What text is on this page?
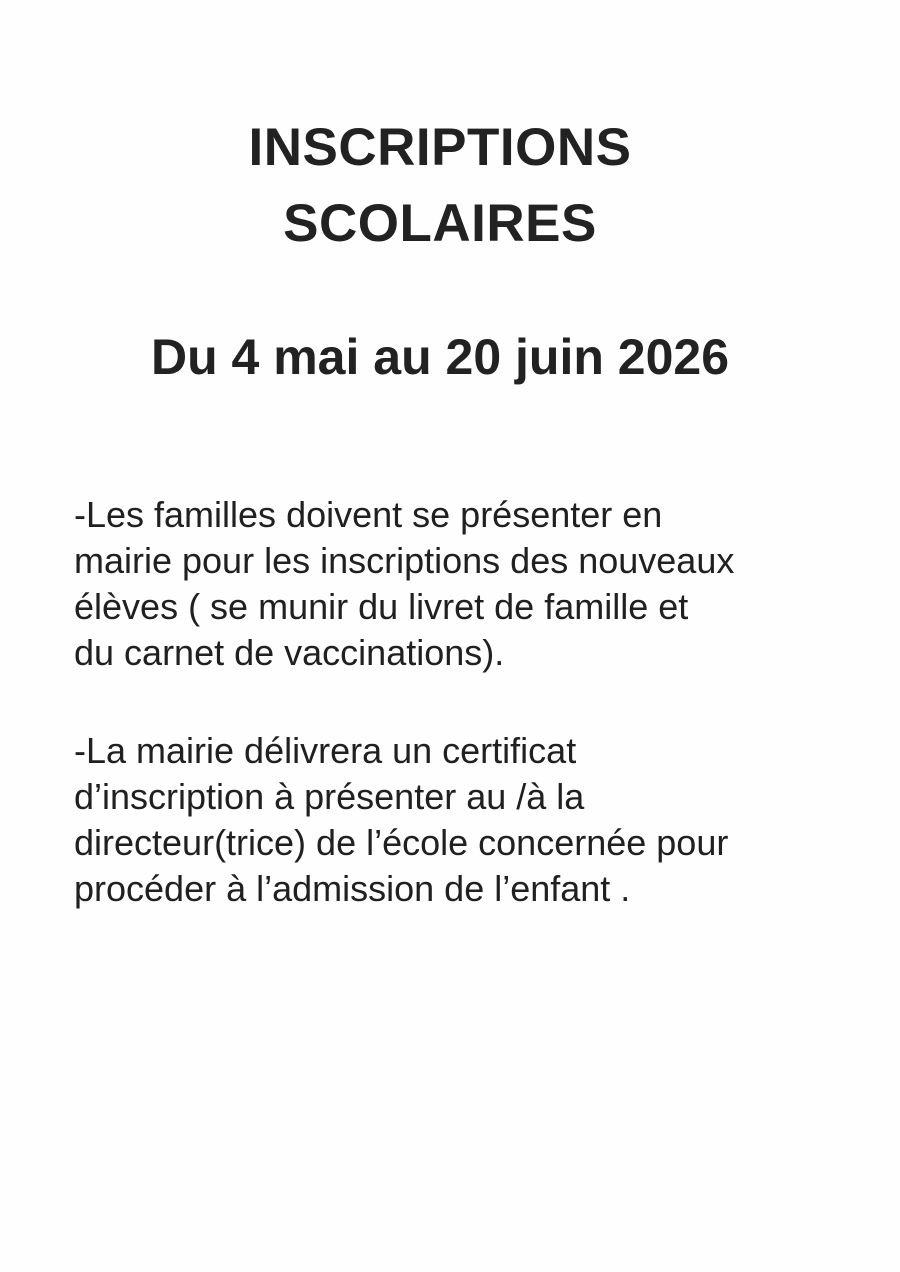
INSCRIPTIONS
SCOLAIRES
Du 4 mai au 20 juin 2026
-Les familles doivent se présenter en
mairie pour les inscriptions des nouveaux
élèves ( se munir du livret de famille et
du carnet de vaccinations).
-La mairie délivrera un certificat
d’inscription à présenter au /à la
directeur(trice) de l’école concernée pour
procéder à l’admission de l’enfant .
